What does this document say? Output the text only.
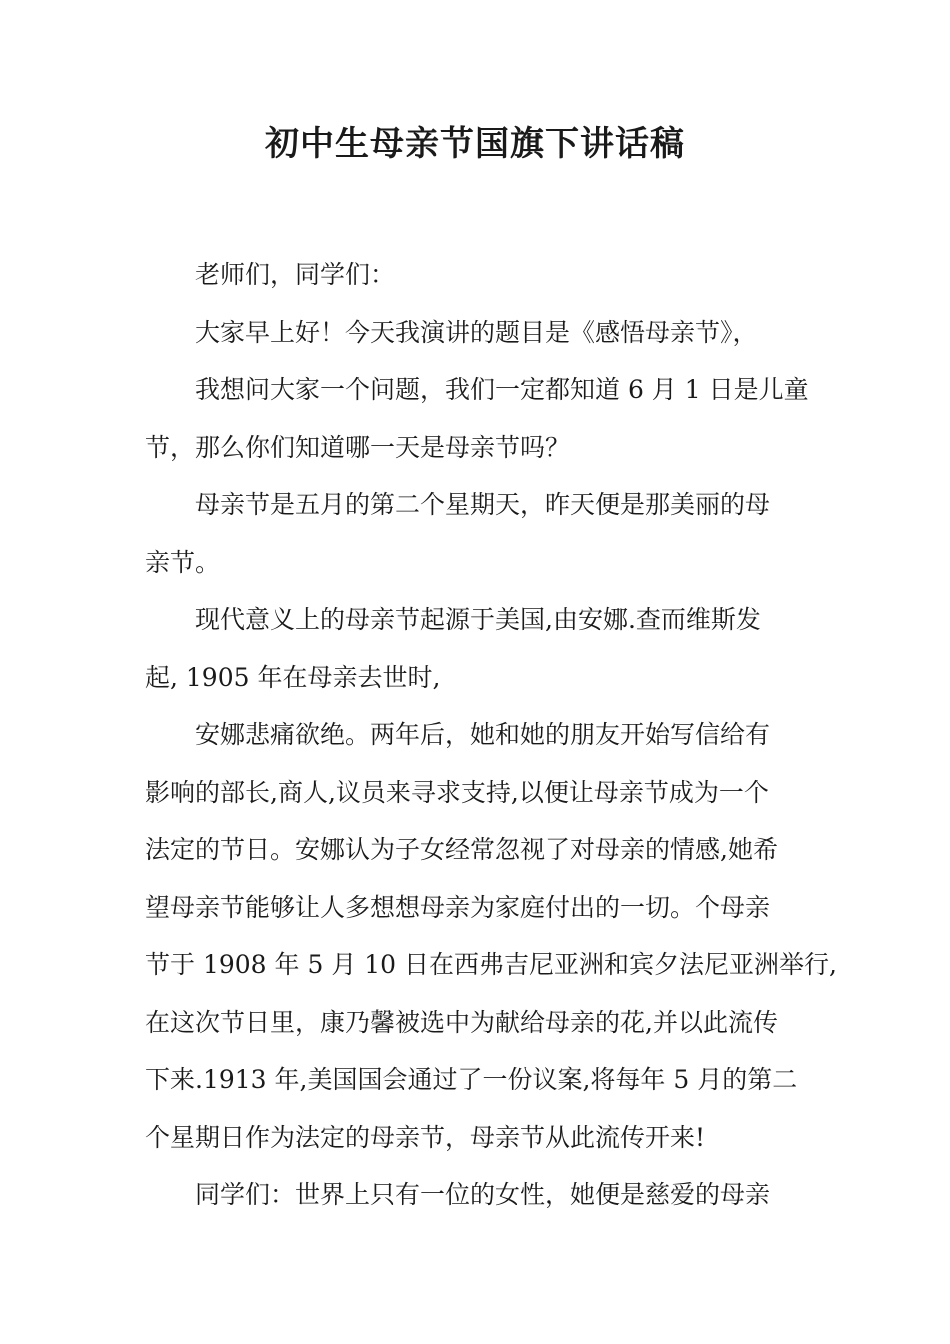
初中生母亲节国旗下讲话稿

老师们，同学们：

大家早上好！今天我演讲的题目是《感悟母亲节》，

我想问大家一个问题，我们一定都知道 6 月 1 日是儿童
节，那么你们知道哪一天是母亲节吗？

母亲节是五月的第二个星期天，昨天便是那美丽的母
亲节。

现代意义上的母亲节起源于美国,由安娜.查而维斯发
起, 1905 年在母亲去世时,

安娜悲痛欲绝。两年后，她和她的朋友开始写信给有
影响的部长,商人,议员来寻求支持,以便让母亲节成为一个
法定的节日。安娜认为子女经常忽视了对母亲的情感,她希
望母亲节能够让人多想想母亲为家庭付出的一切。个母亲
节于 1908 年 5 月 10 日在西弗吉尼亚洲和宾夕法尼亚洲举行,
在这次节日里，康乃馨被选中为献给母亲的花,并以此流传
下来.1913 年,美国国会通过了一份议案,将每年 5 月的第二
个星期日作为法定的母亲节，母亲节从此流传开来!

同学们：世界上只有一位的女性，她便是慈爱的母亲
